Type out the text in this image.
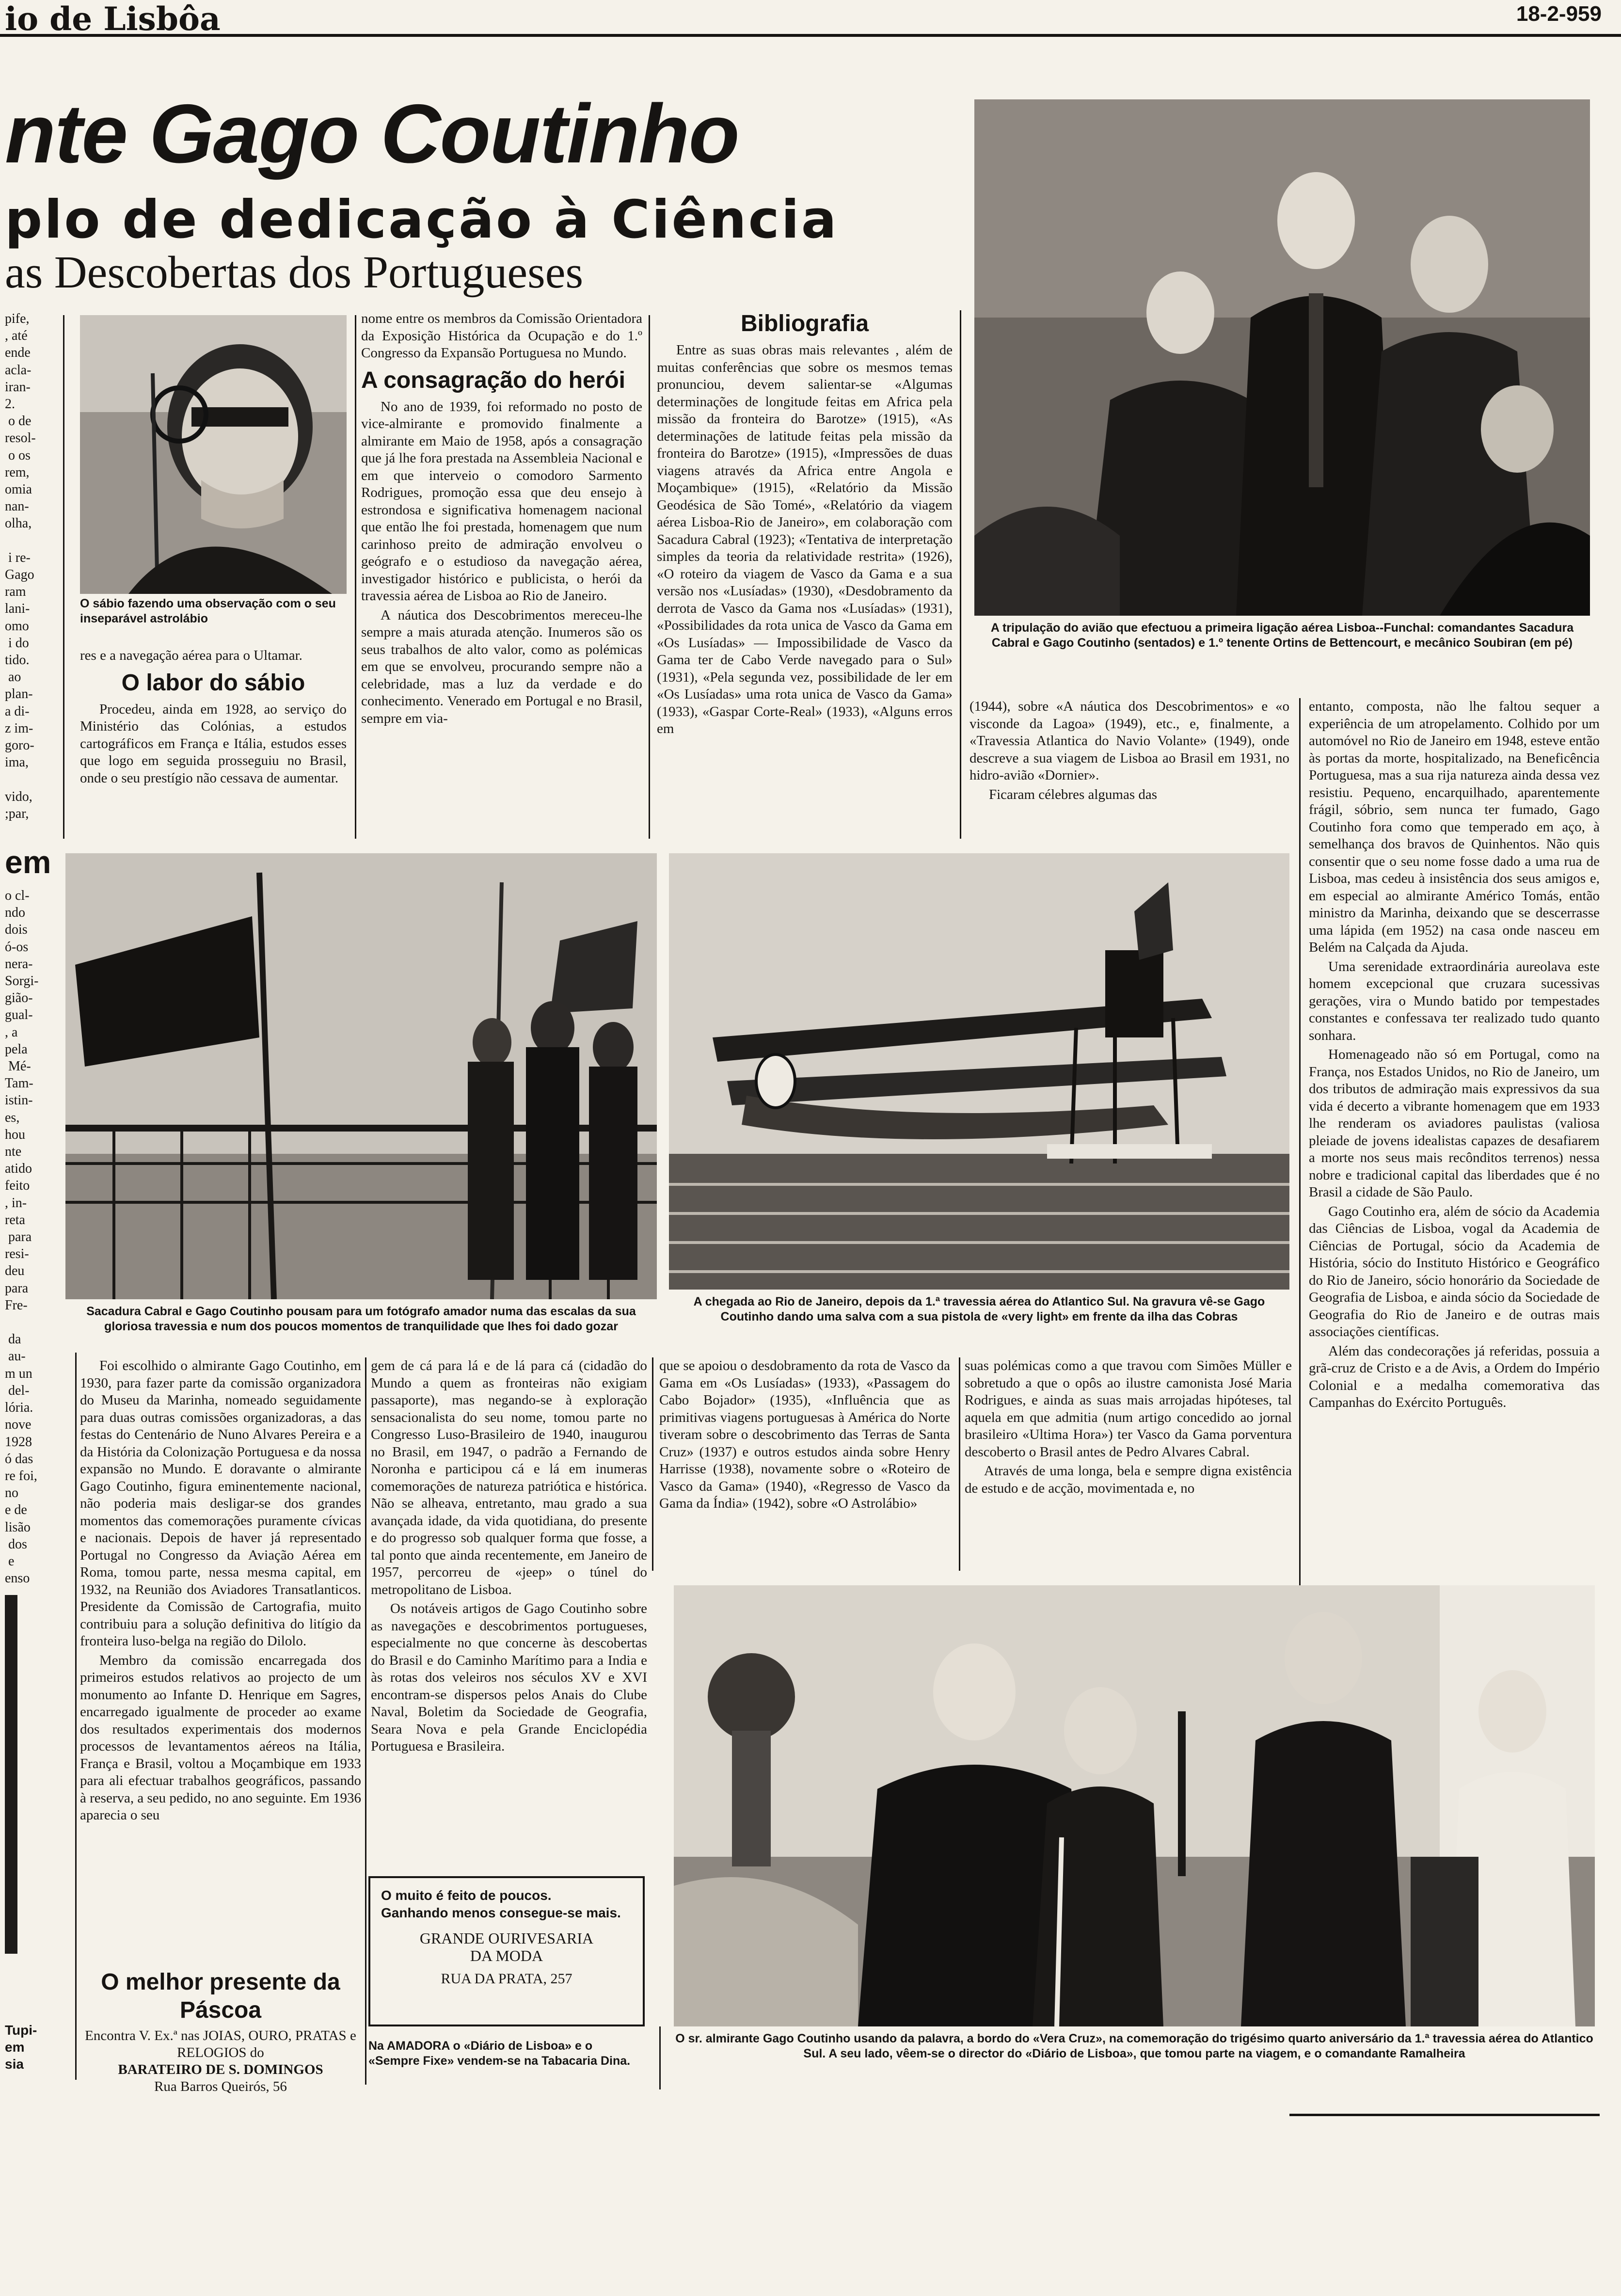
io de Lisbôa	18-2-959
nte Gago Coutinho
plo de dedicação à Ciência
as Descobertas dos Portugueses
pife,
, até
ende
acla-
iran-
2.
o de
resol-
o os
rem,
omia
nan-
olha,

i re-
Gago
ram
lani-
omo
i do
tido.
ao
plan-
a di-
z im-
goro-
ima,

vido,
;par,

em
o cl-
ndo
dois
ó-os
nera-
Sorgi-
gião-
gual-
, a
pela
Mé-
Tam-
istin-
es,
hou
nte
atido
feito
, in-
reta
para
resi-
deu
para
Fre-

da
au-
m un
del-
lória.
nove
1928
ó das
re foi,
no
e de
lisão
dos
e
enso

Tupi-
em
sia
O sábio fazendo uma observação com o seu inseparável astrolábio

res e a navegação aérea para o Ultamar.

O labor do sábio

Procedeu, ainda em 1928, ao serviço do Ministério das Colónias, a estudos cartográficos em França e Itália, estudos esses que logo em seguida prosseguiu no Brasil, onde o seu prestígio não cessava de aumentar.

nome entre os membros da Comissão Orientadora da Exposição Histórica da Ocupação e do 1.º Congresso da Expansão Portuguesa no Mundo.

A consagração do herói

No ano de 1939, foi reformado no posto de vice-almirante e promovido finalmente a almirante em Maio de 1958, após a consagração que já lhe fora prestada na Assembleia Nacional e em que interveio o comodoro Sarmento Rodrigues, promoção essa que deu ensejo à estrondosa e significativa homenagem nacional que então lhe foi prestada, homenagem que num carinhoso preito de admiração envolveu o geógrafo e o estudioso da navegação aérea, investigador histórico e publicista, o herói da travessia aérea de Lisboa ao Rio de Janeiro.

A náutica dos Descobrimentos mereceu-lhe sempre a mais aturada atenção. Inumeros são os seus trabalhos de alto valor, como as polémicas em que se envolveu, procurando sempre não a celebridade, mas a luz da verdade e do conhecimento. Venerado em Portugal e no Brasil, sempre em via-

Bibliografia

Entre as suas obras mais relevantes , além de muitas conferências que sobre os mesmos temas pronunciou, devem salientar-se «Algumas determinações de longitude feitas em Africa pela missão da fronteira do Barotze» (1915), «As determinações de latitude feitas pela missão da fronteira do Barotze» (1915), «Impressões de duas viagens através da Africa entre Angola e Moçambique» (1915), «Relatório da Missão Geodésica de São Tomé», «Relatório da viagem aérea Lisboa-Rio de Janeiro», em colaboração com Sacadura Cabral (1923); «Tentativa de interpretação simples da teoria da relatividade restrita» (1926), «O roteiro da viagem de Vasco da Gama e a sua versão nos «Lusíadas» (1930), «Desdobramento da derrota de Vasco da Gama nos «Lusíadas» (1931), «Possibilidades da rota unica de Vasco da Gama em «Os Lusíadas» — Impossibilidade de Vasco da Gama ter de Cabo Verde navegado para o Sul» (1931), «Pela segunda vez, possibilidade de ler em «Os Lusíadas» uma rota unica de Vasco da Gama» (1933), «Gaspar Corte-Real» (1933), «Alguns erros em

A tripulação do avião que efectuou a primeira ligação aérea Lisboa--Funchal: comandantes Sacadura Cabral e Gago Coutinho (sentados) e 1.º tenente Ortins de Bettencourt, e mecânico Soubiran (em pé)

(1944), sobre «A náutica dos Descobrimentos» e «o visconde da Lagoa» (1949), etc., e, finalmente, a «Travessia Atlantica do Navio Volante» (1949), onde descreve a sua viagem de Lisboa ao Brasil em 1931, no hidro-avião «Dornier».

Ficaram célebres algumas das

entanto, composta, não lhe faltou sequer a experiência de um atropelamento. Colhido por um automóvel no Rio de Janeiro em 1948, esteve então às portas da morte, hospitalizado, na Beneficência Portuguesa, mas a sua rija natureza ainda dessa vez resistiu. Pequeno, encarquilhado, aparentemente frágil, sóbrio, sem nunca ter fumado, Gago Coutinho fora como que temperado em aço, à semelhança dos bravos de Quinhentos. Não quis consentir que o seu nome fosse dado a uma rua de Lisboa, mas cedeu à insistência dos seus amigos e, em especial ao almirante Américo Tomás, então ministro da Marinha, deixando que se descerrasse uma lápida (em 1952) na casa onde nasceu em Belém na Calçada da Ajuda.

Uma serenidade extraordinária aureolava este homem excepcional que cruzara sucessivas gerações, vira o Mundo batido por tempestades constantes e confessava ter realizado tudo quanto sonhara.

Homenageado não só em Portugal, como na França, nos Estados Unidos, no Rio de Janeiro, um dos tributos de admiração mais expressivos da sua vida é decerto a vibrante homenagem que em 1933 lhe renderam os aviadores paulistas (valiosa pleiade de jovens idealistas capazes de desafiarem a morte nos seus mais recônditos terrenos) nessa nobre e tradicional capital das liberdades que é no Brasil a cidade de São Paulo.

Gago Coutinho era, além de sócio da Academia das Ciências de Lisboa, vogal da Academia de Ciências de Portugal, sócio da Academia de História, sócio do Instituto Histórico e Geográfico do Rio de Janeiro, sócio honorário da Sociedade de Geografia de Lisboa, e ainda sócio da Sociedade de Geografia do Rio de Janeiro e de outras mais associações científicas.

Além das condecorações já referidas, possuia a grã-cruz de Cristo e a de Avis, a Ordem do Império Colonial e a medalha comemorativa das Campanhas do Exército Português.

Sacadura Cabral e Gago Coutinho pousam para um fotógrafo amador numa das escalas da sua gloriosa travessia e num dos poucos momentos de tranquilidade que lhes foi dado gozar
A chegada ao Rio de Janeiro, depois da 1.ª travessia aérea do Atlantico Sul. Na gravura vê-se Gago Coutinho dando uma salva com a sua pistola de «very light» em frente da ilha das Cobras

Foi escolhido o almirante Gago Coutinho, em 1930, para fazer parte da comissão organizadora do Museu da Marinha, nomeado seguidamente para duas outras comissões organizadoras, a das festas do Centenário de Nuno Alvares Pereira e a da História da Colonização Portuguesa e da nossa expansão no Mundo. E doravante o almirante Gago Coutinho, figura eminentemente nacional, não poderia mais desligar-se dos grandes momentos das comemorações puramente cívicas e nacionais. Depois de haver já representado Portugal no Congresso da Aviação Aérea em Roma, tomou parte, nessa mesma capital, em 1932, na Reunião dos Aviadores Transatlanticos. Presidente da Comissão de Cartografia, muito contribuiu para a solução definitiva do litígio da fronteira luso-belga na região do Dilolo.

Membro da comissão encarregada dos primeiros estudos relativos ao projecto de um monumento ao Infante D. Henrique em Sagres, encarregado igualmente de proceder ao exame dos resultados experimentais dos modernos processos de levantamentos aéreos na Itália, França e Brasil, voltou a Moçambique em 1933 para ali efectuar trabalhos geográficos, passando à reserva, a seu pedido, no ano seguinte. Em 1936 aparecia o seu

gem de cá para lá e de lá para cá (cidadão do Mundo a quem as fronteiras não exigiam passaporte), mas negando-se à exploração sensacionalista do seu nome, tomou parte no Congresso Luso-Brasileiro de 1940, inaugurou no Brasil, em 1947, o padrão a Fernando de Noronha e participou cá e lá em inumeras comemorações de natureza patriótica e histórica. Não se alheava, entretanto, mau grado a sua avançada idade, da vida quotidiana, do presente e do progresso sob qualquer forma que fosse, a tal ponto que ainda recentemente, em Janeiro de 1957, percorreu de «jeep» o túnel do metropolitano de Lisboa.

Os notáveis artigos de Gago Coutinho sobre as navegações e descobrimentos portugueses, especialmente no que concerne às descobertas do Brasil e do Caminho Marítimo para a India e às rotas dos veleiros nos séculos XV e XVI encontram-se dispersos pelos Anais do Clube Naval, Boletim da Sociedade de Geografia, Seara Nova e pela Grande Enciclopédia Portuguesa e Brasileira.

que se apoiou o desdobramento da rota de Vasco da Gama em «Os Lusíadas» (1933), «Passagem do Cabo Bojador» (1935), «Influência que as primitivas viagens portuguesas à América do Norte tiveram sobre o descobrimento das Terras de Santa Cruz» (1937) e outros estudos ainda sobre Henry Harrisse (1938), novamente sobre o «Roteiro de Vasco da Gama» (1940), «Regresso de Vasco da Gama da Índia» (1942), sobre «O Astrolábio»

suas polémicas como a que travou com Simões Müller e sobretudo a que o opôs ao ilustre camonista José Maria Rodrigues, e ainda as suas mais arrojadas hipóteses, tal aquela em que admitia (num artigo concedido ao jornal brasileiro «Ultima Hora») ter Vasco da Gama porventura descoberto o Brasil antes de Pedro Alvares Cabral.

Através de uma longa, bela e sempre digna existência de estudo e de acção, movimentada e, no

O melhor presente da Páscoa
Encontra V. Ex.ª nas JOIAS, OURO, PRATAS e RELOGIOS do
BARATEIRO DE S. DOMINGOS
Rua Barros Queirós, 56
O muito é feito de poucos.
Ganhando menos consegue-se mais.
GRANDE OURIVESARIA
DA MODA
RUA DA PRATA, 257
Na AMADORA o «Diário de Lisboa» e o «Sempre Fixe» vendem-se na Tabacaria Dina.
O sr. almirante Gago Coutinho usando da palavra, a bordo do «Vera Cruz», na comemoração do trigésimo quarto aniversário da 1.ª travessia aérea do Atlantico Sul. A seu lado, vêem-se o director do «Diário de Lisboa», que tomou parte na viagem, e o comandante Ramalheira
